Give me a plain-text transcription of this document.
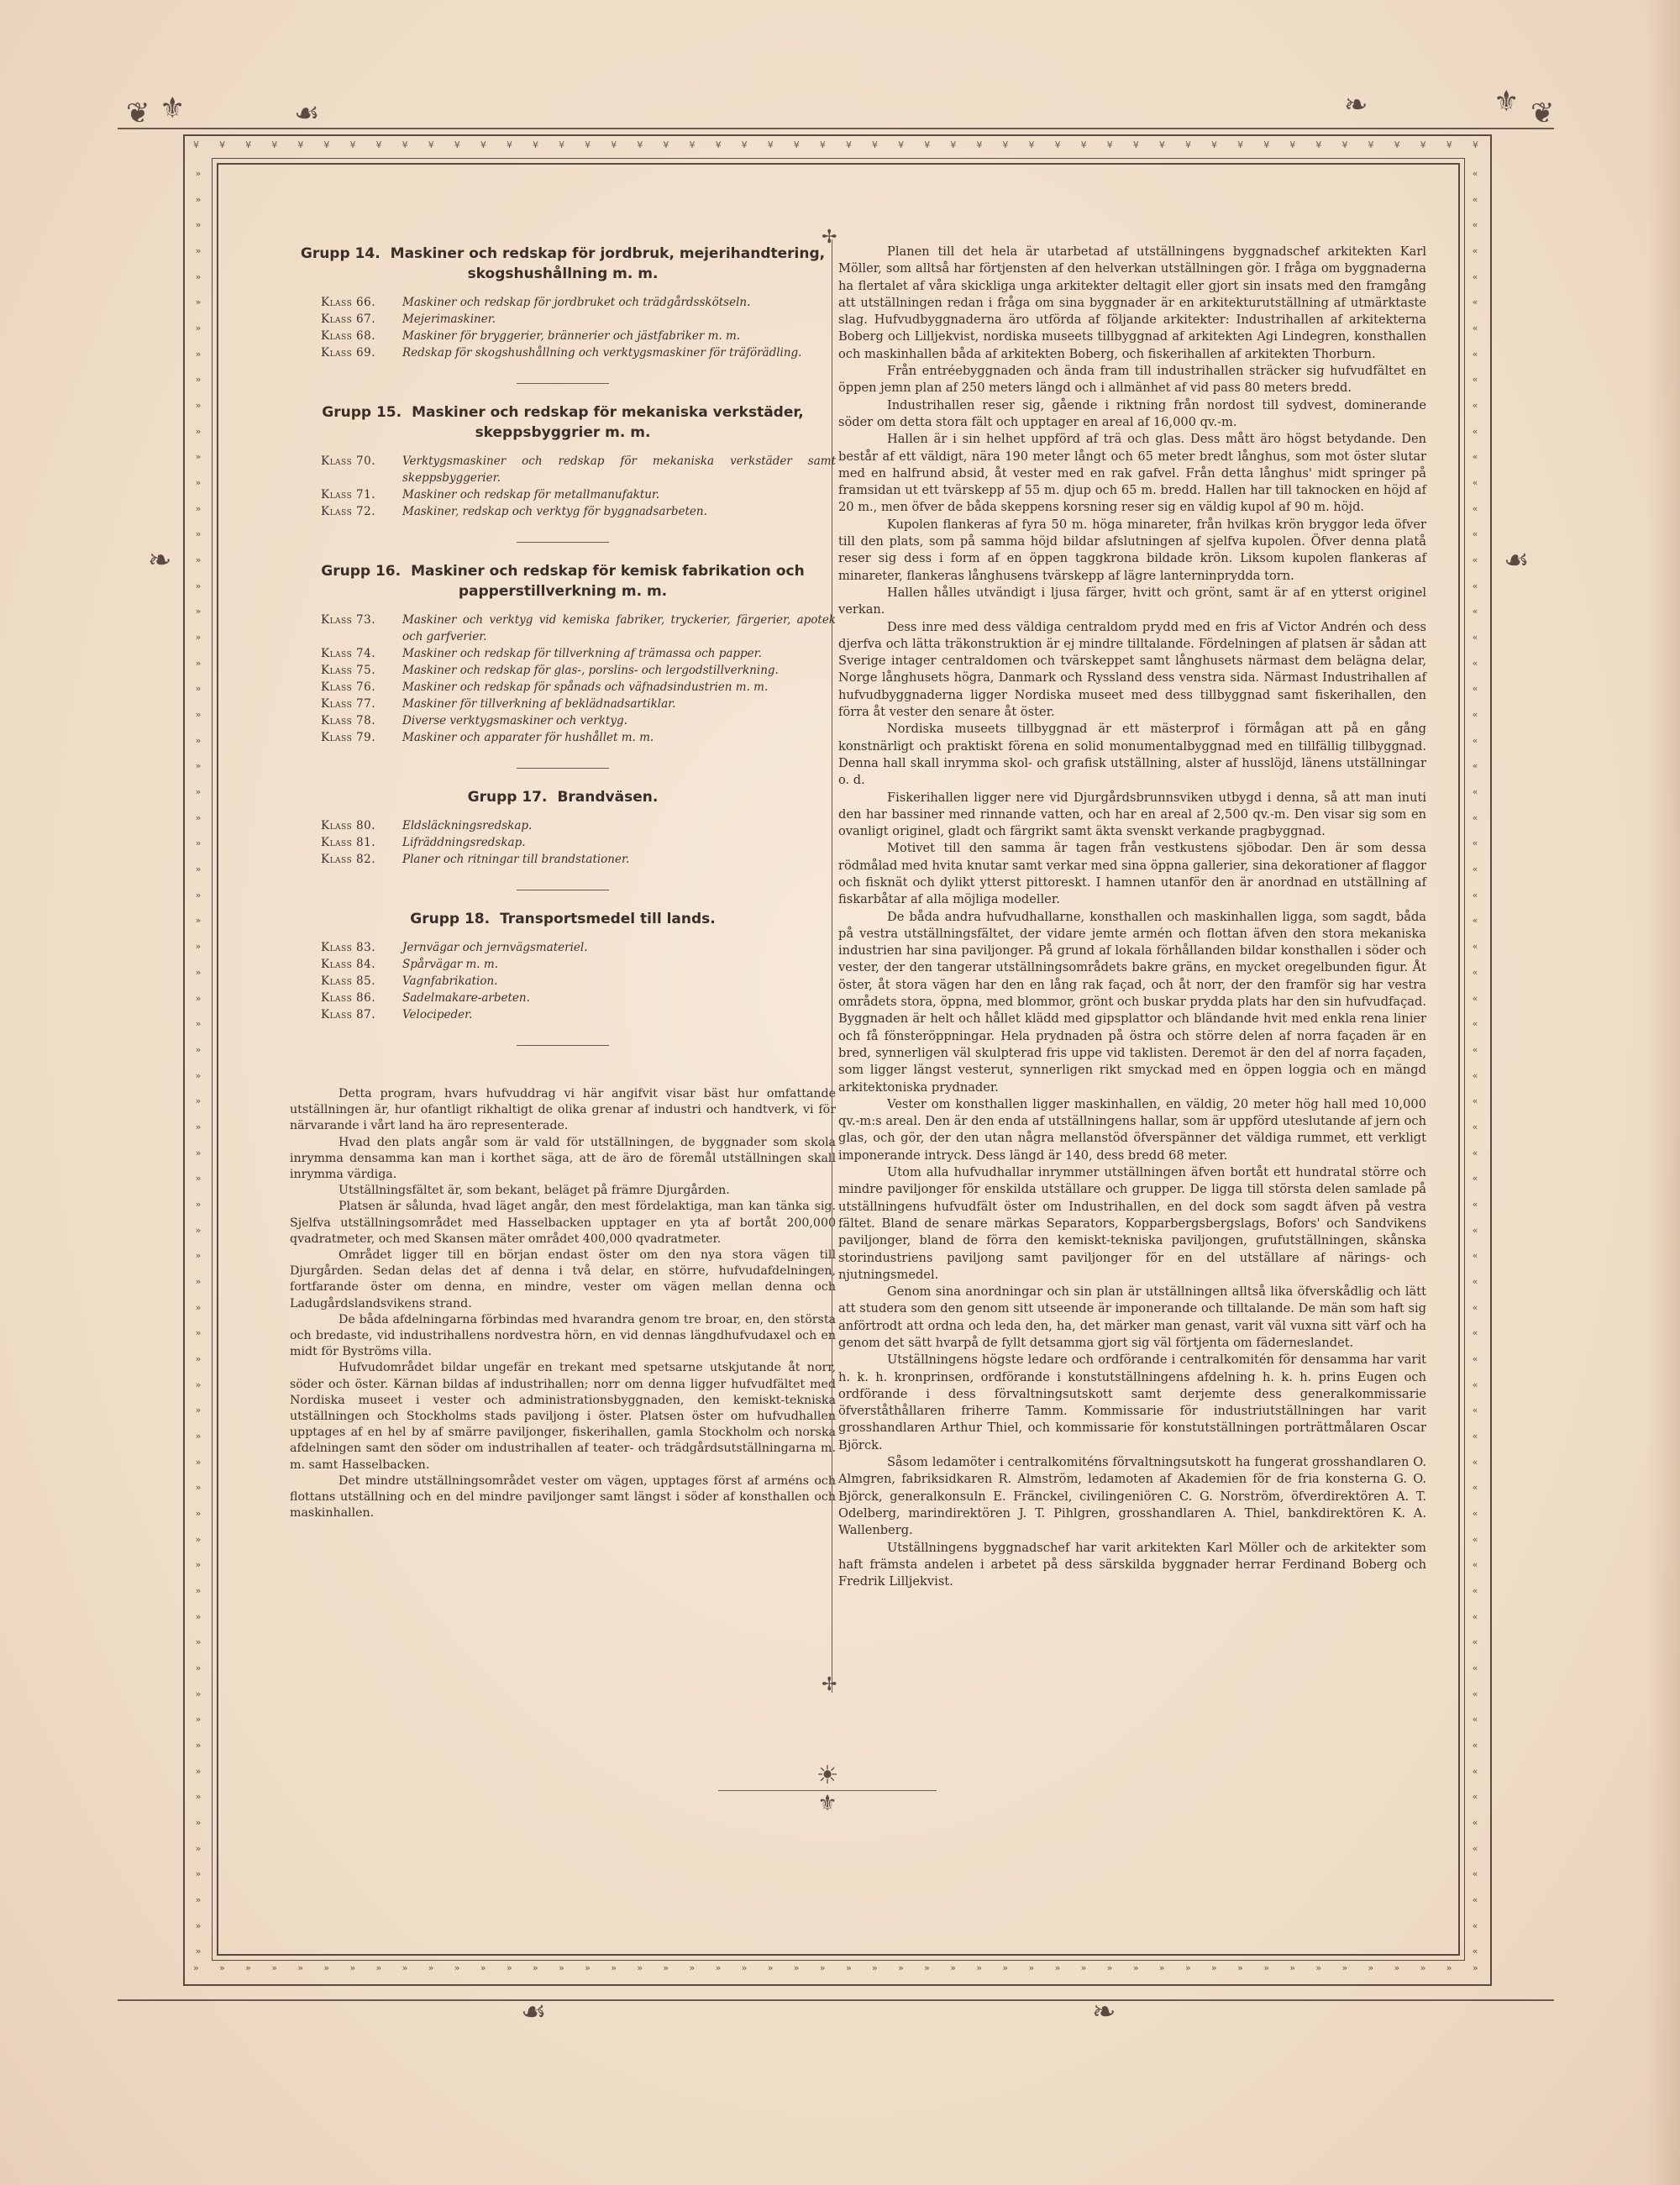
❦ ⚜	☙	❧	⚜ ❦
❧	☙
☙	❧
¥ ¥ ¥ ¥ ¥ ¥ ¥ ¥ ¥ ¥ ¥ ¥ ¥ ¥ ¥ ¥ ¥ ¥ ¥ ¥ ¥ ¥ ¥ ¥ ¥ ¥ ¥ ¥ ¥ ¥ ¥ ¥ ¥ ¥ ¥ ¥ ¥ ¥ ¥ ¥ ¥ ¥ ¥ ¥ ¥ ¥ ¥ ¥ ¥ ¥
» » » » » » » » » » » » » » » » » » » » » » » » » » » » » » » » » » » » » » » » » » » » » » » » » »
»
»
»
»
»
»
»
»
»
»
»
»
»
»
»
»
»
»
»
»
»
»
»
»
»
»
»
»
»
»
»
»
»
»
»
»
»
»
»
»
»
»
»
»
»
»
»
»
»
»
»
»
»
»
»
»
»
»
»
»
»
»
»
»
»
»
»
»
»
»
«
«
«
«
«
«
«
«
«
«
«
«
«
«
«
«
«
«
«
«
«
«
«
«
«
«
«
«
«
«
«
«
«
«
«
«
«
«
«
«
«
«
«
«
«
«
«
«
«
«
«
«
«
«
«
«
«
«
«
«
«
«
«
«
«
«
«
«
«
«
✢
✢
Grupp 14. Maskiner och redskap för jordbruk, mejerihandtering, skogshushållning m. m.
Klass 66.	Maskiner och redskap för jordbruket och trädgårdsskötseln.
Klass 67.	Mejerimaskiner.
Klass 68.	Maskiner för bryggerier, brännerier och jästfabriker m. m.
Klass 69.	Redskap för skogshushållning och verktygsmaskiner för träförädling.
Grupp 15. Maskiner och redskap för mekaniska verkstäder, skeppsbyggrier m. m.
Klass 70.	Verktygsmaskiner och redskap för mekaniska verkstäder samt skeppsbyggerier.
Klass 71.	Maskiner och redskap för metallmanufaktur.
Klass 72.	Maskiner, redskap och verktyg för byggnadsarbeten.
Grupp 16. Maskiner och redskap för kemisk fabrikation och papperstillverkning m. m.
Klass 73.	Maskiner och verktyg vid kemiska fabriker, tryckerier, färgerier, apotek och garfverier.
Klass 74.	Maskiner och redskap för tillverkning af trämassa och papper.
Klass 75.	Maskiner och redskap för glas-, porslins- och lergodstillverkning.
Klass 76.	Maskiner och redskap för spånads och väfnadsindustrien m. m.
Klass 77.	Maskiner för tillverkning af beklädnadsartiklar.
Klass 78.	Diverse verktygsmaskiner och verktyg.
Klass 79.	Maskiner och apparater för hushållet m. m.
Grupp 17. Brandväsen.
Klass 80.	Eldsläckningsredskap.
Klass 81.	Lifräddningsredskap.
Klass 82.	Planer och ritningar till brandstationer.
Grupp 18. Transportsmedel till lands.
Klass 83.	Jernvägar och jernvägsmateriel.
Klass 84.	Spårvägar m. m.
Klass 85.	Vagnfabrikation.
Klass 86.	Sadelmakare-arbeten.
Klass 87.	Velocipeder.

Detta program, hvars hufvuddrag vi här angifvit visar bäst hur omfattande utställningen är, hur ofantligt rikhaltigt de olika grenar af industri och handtverk, vi för närvarande i vårt land ha äro representerade.

Hvad den plats angår som är vald för utställningen, de byggnader som skola inrymma densamma kan man i korthet säga, att de äro de föremål utställningen skall inrymma värdiga.

Utställningsfältet är, som bekant, beläget på främre Djurgården.

Platsen är sålunda, hvad läget angår, den mest fördelaktiga, man kan tänka sig. Sjelfva utställningsområdet med Hasselbacken upptager en yta af bortåt 200,000 qvadratmeter, och med Skansen mäter området 400,000 qvadratmeter.

Området ligger till en början endast öster om den nya stora vägen till Djurgården. Sedan delas det af denna i två delar, en större, hufvudafdelningen, fortfarande öster om denna, en mindre, vester om vägen mellan denna och Ladugårdslandsvikens strand.

De båda afdelningarna förbindas med hvarandra genom tre broar, en, den största och bredaste, vid industrihallens nordvestra hörn, en vid dennas längdhufvudaxel och en midt för Byströms villa.

Hufvudområdet bildar ungefär en trekant med spetsarne utskjutande åt norr, söder och öster. Kärnan bildas af industrihallen; norr om denna ligger hufvudfältet med Nordiska museet i vester och administrationsbyggnaden, den kemiskt-tekniska utställningen och Stockholms stads paviljong i öster. Platsen öster om hufvudhallen upptages af en hel by af smärre paviljonger, fiskerihallen, gamla Stockholm och norska afdelningen samt den söder om industrihallen af teater- och trädgårdsutställningarna m. m. samt Hasselbacken.

Det mindre utställningsområdet vester om vägen, upptages först af arméns och flottans utställning och en del mindre paviljonger samt längst i söder af konsthallen och maskinhallen.

Planen till det hela är utarbetad af utställningens byggnadschef arkitekten Karl Möller, som alltså har förtjensten af den helverkan utställningen gör. I fråga om byggnaderna ha flertalet af våra skickliga unga arkitekter deltagit eller gjort sin insats med den framgång att utställningen redan i fråga om sina byggnader är en arkitekturutställning af utmärktaste slag. Hufvudbyggnaderna äro utförda af följande arkitekter: Industrihallen af arkitekterna Boberg och Lilljekvist, nordiska museets tillbyggnad af arkitekten Agi Lindegren, konsthallen och maskinhallen båda af arkitekten Boberg, och fiskerihallen af arkitekten Thorburn.

Från entréebyggnaden och ända fram till industrihallen sträcker sig hufvudfältet en öppen jemn plan af 250 meters längd och i allmänhet af vid pass 80 meters bredd.

Industrihallen reser sig, gående i riktning från nordost till sydvest, dominerande söder om detta stora fält och upptager en areal af 16,000 qv.-m.

Hallen är i sin helhet uppförd af trä och glas. Dess mått äro högst betydande. Den består af ett väldigt, nära 190 meter långt och 65 meter bredt långhus, som mot öster slutar med en halfrund absid, åt vester med en rak gafvel. Från detta långhus' midt springer på framsidan ut ett tvärskepp af 55 m. djup och 65 m. bredd. Hallen har till taknocken en höjd af 20 m., men öfver de båda skeppens korsning reser sig en väldig kupol af 90 m. höjd.

Kupolen flankeras af fyra 50 m. höga minareter, från hvilkas krön bryggor leda öfver till den plats, som på samma höjd bildar afslutningen af sjelfva kupolen. Öfver denna platå reser sig dess i form af en öppen taggkrona bildade krön. Liksom kupolen flankeras af minareter, flankeras långhusens tvärskepp af lägre lanterninprydda torn.

Hallen hålles utvändigt i ljusa färger, hvitt och grönt, samt är af en ytterst originel verkan.

Dess inre med dess väldiga centraldom prydd med en fris af Victor Andrén och dess djerfva och lätta träkonstruktion är ej mindre tilltalande. Fördelningen af platsen är sådan att Sverige intager centraldomen och tvärskeppet samt långhusets närmast dem belägna delar, Norge långhusets högra, Danmark och Ryssland dess venstra sida. Närmast Industrihallen af hufvudbyggnaderna ligger Nordiska museet med dess tillbyggnad samt fiskerihallen, den förra åt vester den senare åt öster.

Nordiska museets tillbyggnad är ett mästerprof i förmågan att på en gång konstnärligt och praktiskt förena en solid monumentalbyggnad med en tillfällig tillbyggnad. Denna hall skall inrymma skol- och grafisk utställning, alster af husslöjd, länens utställningar o. d.

Fiskerihallen ligger nere vid Djurgårdsbrunnsviken utbygd i denna, så att man inuti den har bassiner med rinnande vatten, och har en areal af 2,500 qv.-m. Den visar sig som en ovanligt originel, gladt och färgrikt samt äkta svenskt verkande pragbyggnad.

Motivet till den samma är tagen från vestkustens sjöbodar. Den är som dessa rödmålad med hvita knutar samt verkar med sina öppna gallerier, sina dekorationer af flaggor och fisknät och dylikt ytterst pittoreskt. I hamnen utanför den är anordnad en utställning af fiskarbåtar af alla möjliga modeller.

De båda andra hufvudhallarne, konsthallen och maskinhallen ligga, som sagdt, båda på vestra utställningsfältet, der vidare jemte armén och flottan äfven den stora mekaniska industrien har sina paviljonger. På grund af lokala förhållanden bildar konsthallen i söder och vester, der den tangerar utställningsområdets bakre gräns, en mycket oregelbunden figur. Åt öster, åt stora vägen har den en lång rak façad, och åt norr, der den framför sig har vestra områdets stora, öppna, med blommor, grönt och buskar prydda plats har den sin hufvudfaçad. Byggnaden är helt och hållet klädd med gipsplattor och bländande hvit med enkla rena linier och få fönsteröppningar. Hela prydnaden på östra och större delen af norra façaden är en bred, synnerligen väl skulpterad fris uppe vid taklisten. Deremot är den del af norra façaden, som ligger längst vesterut, synnerligen rikt smyckad med en öppen loggia och en mängd arkitektoniska prydnader.

Vester om konsthallen ligger maskinhallen, en väldig, 20 meter hög hall med 10,000 qv.-m:s areal. Den är den enda af utställningens hallar, som är uppförd uteslutande af jern och glas, och gör, der den utan några mellanstöd öfverspänner det väldiga rummet, ett verkligt imponerande intryck. Dess längd är 140, dess bredd 68 meter.

Utom alla hufvudhallar inrymmer utställningen äfven bortåt ett hundratal större och mindre paviljonger för enskilda utställare och grupper. De ligga till största delen samlade på utställningens hufvudfält öster om Industrihallen, en del dock som sagdt äfven på vestra fältet. Bland de senare märkas Separators, Kopparbergsbergslags, Bofors' och Sandvikens paviljonger, bland de förra den kemiskt-tekniska paviljongen, grufutställningen, skånska storindustriens paviljong samt paviljonger för en del utställare af närings- och njutningsmedel.

Genom sina anordningar och sin plan är utställningen alltså lika öfverskådlig och lätt att studera som den genom sitt utseende är imponerande och tilltalande. De män som haft sig anförtrodt att ordna och leda den, ha, det märker man genast, varit väl vuxna sitt värf och ha genom det sätt hvarpå de fyllt detsamma gjort sig väl förtjenta om fäderneslandet.

Utställningens högste ledare och ordförande i centralkomitén för densamma har varit h. k. h. kronprinsen, ordförande i konstutställningens afdelning h. k. h. prins Eugen och ordförande i dess förvaltningsutskott samt derjemte dess generalkommissarie öfverståthållaren friherre Tamm. Kommissarie för industriutställningen har varit grosshandlaren Arthur Thiel, och kommissarie för konstutställningen porträttmålaren Oscar Björck.

Såsom ledamöter i centralkomiténs förvaltningsutskott ha fungerat grosshandlaren O. Almgren, fabriksidkaren R. Almström, ledamoten af Akademien för de fria konsterna G. O. Björck, generalkonsuln E. Fränckel, civilingeniören C. G. Norström, öfverdirektören A. T. Odelberg, marindirektören J. T. Pihlgren, grosshandlaren A. Thiel, bankdirektören K. A. Wallenberg.

Utställningens byggnadschef har varit arkitekten Karl Möller och de arkitekter som haft främsta andelen i arbetet på dess särskilda byggnader herrar Ferdinand Boberg och Fredrik Lilljekvist.

☀
⚜
